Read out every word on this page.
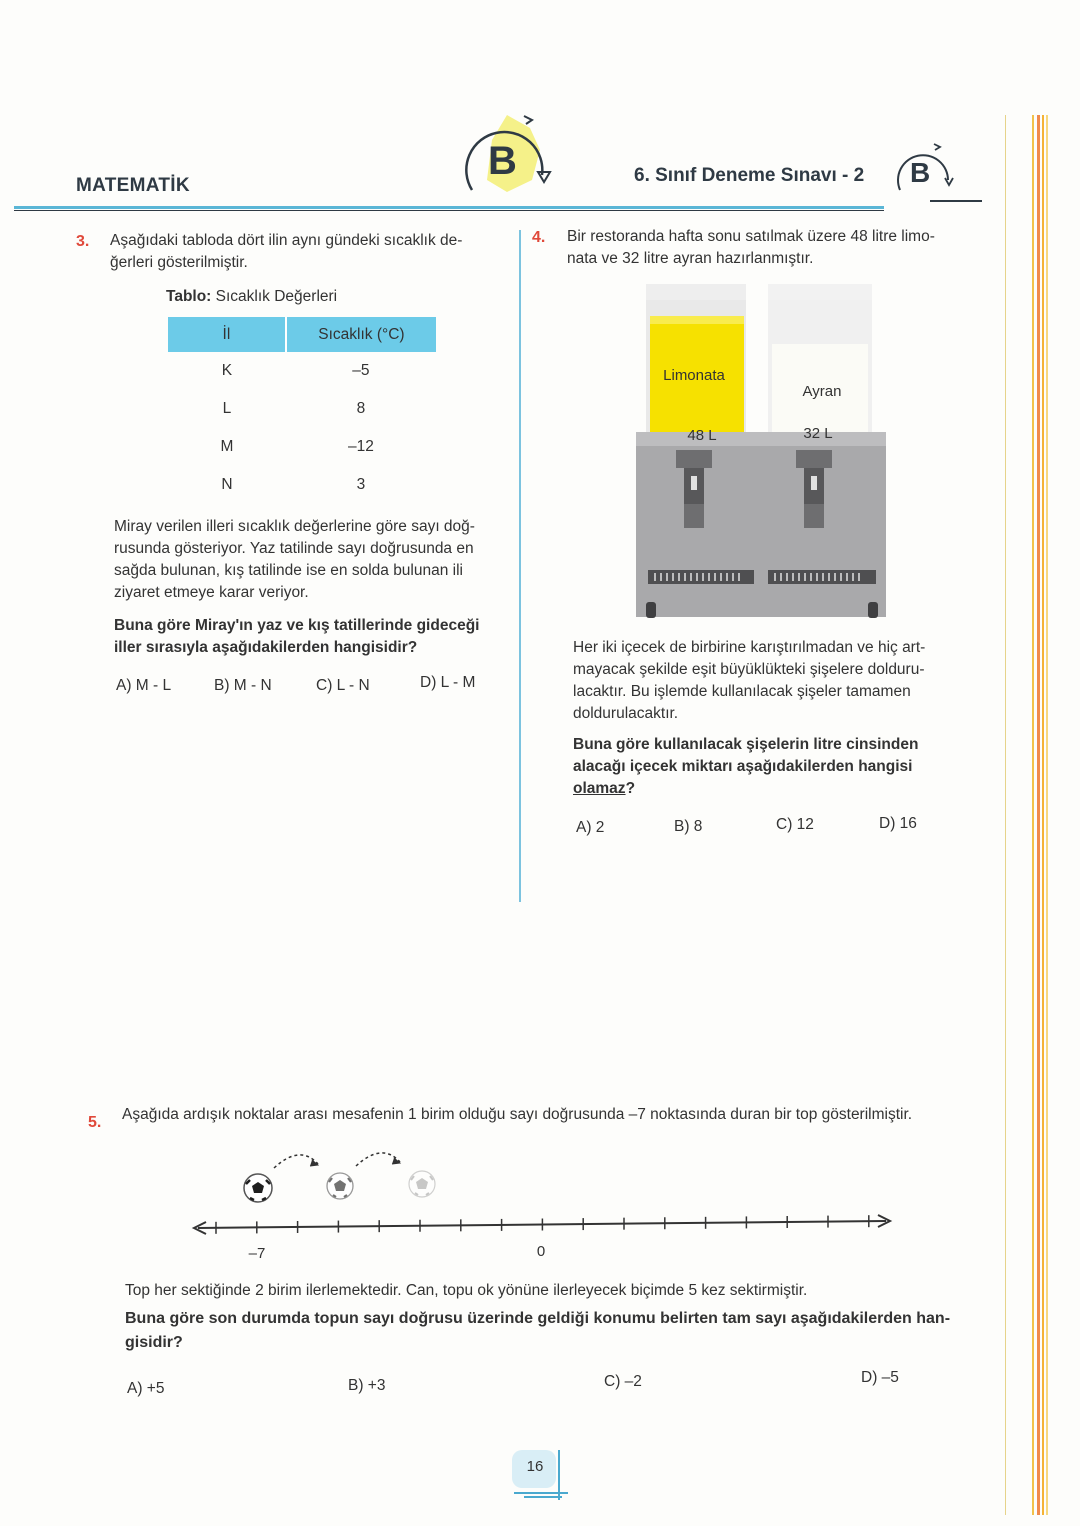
MATEMATİK
B	6. Sınıf Deneme Sınavı - 2 B
3. Aşağıdaki tabloda dört ilin aynı gündeki sıcaklık de-
ğerleri gösterilmiştir.
Tablo: Sıcaklık Değerleri
İl	Sıcaklık (°C)
K	–5
L	8
M	–12
N	3
Miray verilen illeri sıcaklık değerlerine göre sayı doğ-
rusunda gösteriyor. Yaz tatilinde sayı doğrusunda en
sağda bulunan, kış tatilinde ise en solda bulunan ili
ziyaret etmeye karar veriyor.
Buna göre Miray'ın yaz ve kış tatillerinde gideceği
iller sırasıyla aşağıdakilerden hangisidir?
A) M - L	B) M - N	C) L - N	D) L - M
4. Bir restoranda hafta sonu satılmak üzere 48 litre limo-
nata ve 32 litre ayran hazırlanmıştır.
Limonata
48 L
Ayran
32 L
Her iki içecek de birbirine karıştırılmadan ve hiç art-
mayacak şekilde eşit büyüklükteki şişelere dolduru-
lacaktır. Bu işlemde kullanılacak şişeler tamamen
doldurulacaktır.
Buna göre kullanılacak şişelerin litre cinsinden
alacağı içecek miktarı aşağıdakilerden hangisi
olamaz?
A) 2	B) 8	C) 12	D) 16
5. Aşağıda ardışık noktalar arası mesafenin 1 birim olduğu sayı doğrusunda –7 noktasında duran bir top gösterilmiştir.
–7	0
Top her sektiğinde 2 birim ilerlemektedir. Can, topu ok yönüne ilerleyecek biçimde 5 kez sektirmiştir.
Buna göre son durumda topun sayı doğrusu üzerinde geldiği konumu belirten tam sayı aşağıdakilerden han-
gisidir?
A) +5	B) +3	C) –2	D) –5
16
